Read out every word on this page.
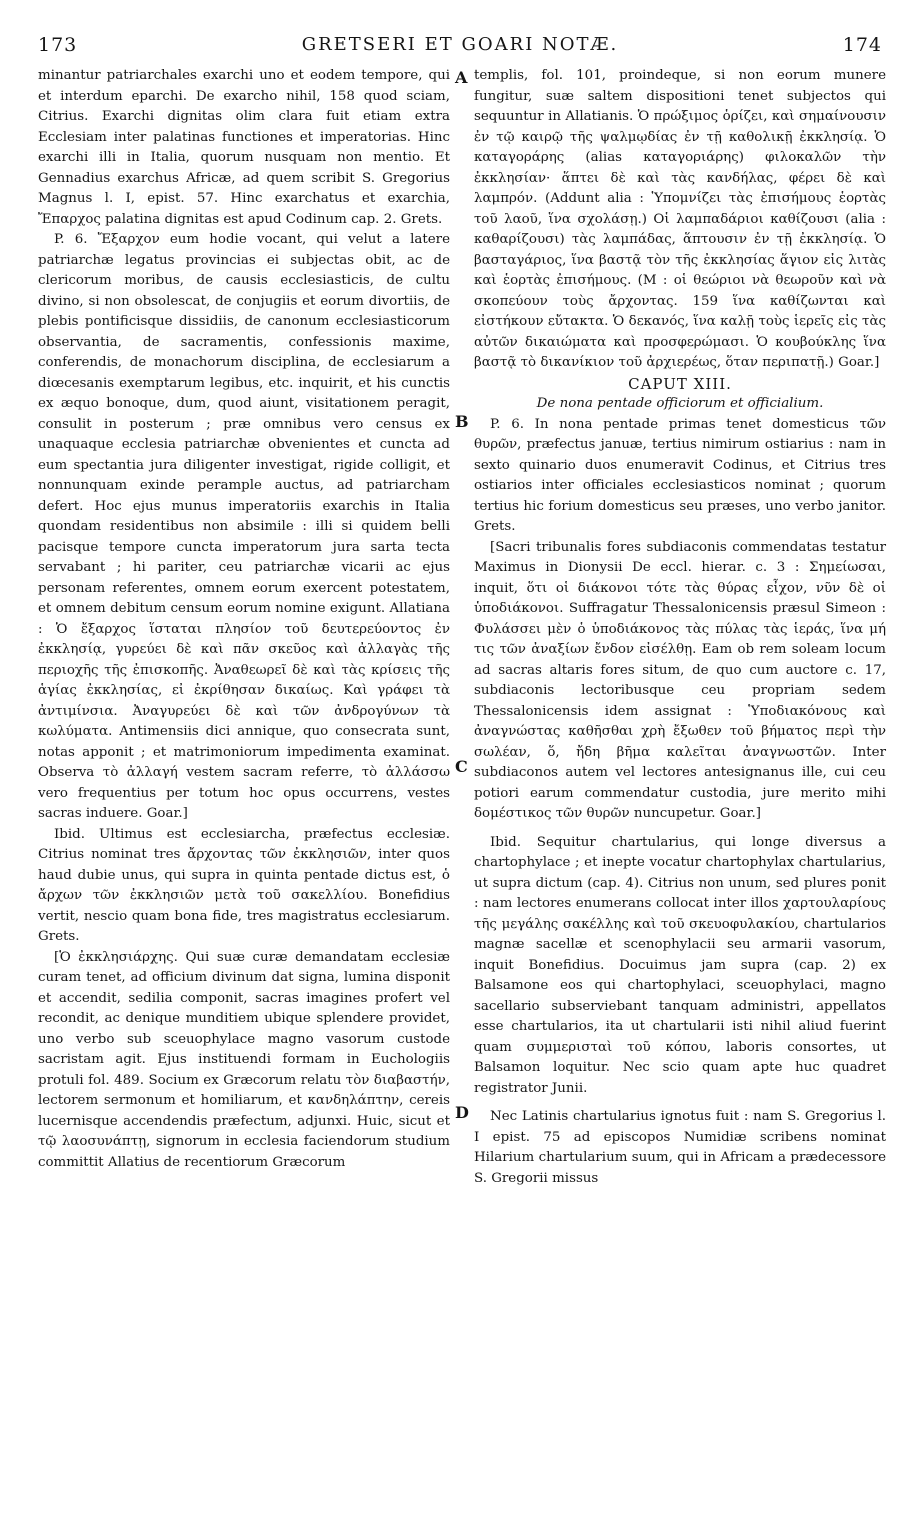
173	GRETSERI ET GOARI NOTÆ.	174
A
B
C
D

minantur patriarchales exarchi uno et eodem tempore, qui et interdum eparchi. De exarcho nihil, 158 quod sciam, Citrius. Exarchi dignitas olim clara fuit etiam extra Ecclesiam inter palatinas functiones et imperatorias. Hinc exarchi illi in Italia, quorum nusquam non mentio. Et Gennadius exarchus Africæ, ad quem scribit S. Gregorius Magnus l. I, epist. 57. Hinc exarchatus et exarchia, Ἔπαρχος palatina dignitas est apud Codinum cap. 2. Grets.

P. 6. Ἔξαρχον eum hodie vocant, qui velut a latere patriarchæ legatus provincias ei subjectas obit, ac de clericorum moribus, de causis ecclesiasticis, de cultu divino, si non obsolescat, de conjugiis et eorum divortiis, de plebis pontificisque dissidiis, de canonum ecclesiasticorum observantia, de sacramentis, confessionis maxime, conferendis, de monachorum disciplina, de ecclesiarum a diœcesanis exemptarum legibus, etc. inquirit, et his cunctis ex æquo bonoque, dum, quod aiunt, visitationem peragit, consulit in posterum ; præ omnibus vero census ex unaquaque ecclesia patriarchæ obvenientes et cuncta ad eum spectantia jura diligenter investigat, rigide colligit, et nonnunquam exinde perample auctus, ad patriarcham defert. Hoc ejus munus imperatoriis exarchis in Italia quondam residentibus non absimile : illi si quidem belli pacisque tempore cuncta imperatorum jura sarta tecta servabant ; hi pariter, ceu patriarchæ vicarii ac ejus personam referentes, omnem eorum exercent potestatem, et omnem debitum censum eorum nomine exigunt. Allatiana : Ὁ ἔξαρχος ἵσταται πλησίον τοῦ δευτερεύοντος ἐν ἐκκλησίᾳ, γυρεύει δὲ καὶ πᾶν σκεῦος καὶ ἀλλαγὰς τῆς περιοχῆς τῆς ἐπισκοπῆς. Ἀναθεωρεῖ δὲ καὶ τὰς κρίσεις τῆς ἁγίας ἐκκλησίας, εἰ ἐκρίθησαν δικαίως. Καὶ γράφει τὰ ἀντιμίνσια. Ἀναγυρεύει δὲ καὶ τῶν ἀνδρογύνων τὰ κωλύματα. Antimensiis dici annique, quo consecrata sunt, notas apponit ; et matrimoniorum impedimenta examinat. Observa τὸ ἀλλαγή vestem sacram referre, τὸ ἀλλάσσω vero frequentius per totum hoc opus occurrens, vestes sacras induere. Goar.]

Ibid. Ultimus est ecclesiarcha, præfectus ecclesiæ. Citrius nominat tres ἄρχοντας τῶν ἐκκλησιῶν, inter quos haud dubie unus, qui supra in quinta pentade dictus est, ὁ ἄρχων τῶν ἐκκλησιῶν μετὰ τοῦ σακελλίου. Bonefidius vertit, nescio quam bona fide, tres magistratus ecclesiarum. Grets.

[Ὁ ἐκκλησιάρχης. Qui suæ curæ demandatam ecclesiæ curam tenet, ad officium divinum dat signa, lumina disponit et accendit, sedilia componit, sacras imagines profert vel recondit, ac denique munditiem ubique splendere providet, uno verbo sub sceuophylace magno vasorum custode sacristam agit. Ejus instituendi formam in Euchologiis protuli fol. 489. Socium ex Græcorum relatu τὸν διαβαστήν, lectorem sermonum et homiliarum, et κανδηλάπτην, cereis lucernisque accendendis præfectum, adjunxi. Huic, sicut et τῷ λαοσυνάπτῃ, signorum in ecclesia faciendorum studium committit Allatius de recentiorum Græcorum

templis, fol. 101, proindeque, si non eorum munere fungitur, suæ saltem dispositioni tenet subjectos qui sequuntur in Allatianis. Ὁ πρώξιμος ὁρίζει, καὶ σημαίνουσιν ἐν τῷ καιρῷ τῆς ψαλμῳδίας ἐν τῇ καθολικῇ ἐκκλησίᾳ. Ὁ καταγοράρης (alias καταγοριάρης) φιλοκαλῶν τὴν ἐκκλησίαν· ἅπτει δὲ καὶ τὰς κανδήλας, φέρει δὲ καὶ λαμπρόν. (Addunt alia : Ὑπομνίζει τὰς ἐπισήμους ἑορτὰς τοῦ λαοῦ, ἵνα σχολάσῃ.) Οἱ λαμπαδάριοι καθίζουσι (alia : καθαρίζουσι) τὰς λαμπάδας, ἅπτουσιν ἐν τῇ ἐκκλησίᾳ. Ὁ βασταγάριος, ἵνα βαστᾷ τὸν τῆς ἐκκλησίας ἅγιον εἰς λιτὰς καὶ ἑορτὰς ἐπισήμους. (M : οἱ θεώριοι νὰ θεωροῦν καὶ νὰ σκοπεύουν τοὺς ἄρχοντας. 159 ἵνα καθίζωνται καὶ εἰστήκουν εὔτακτα. Ὁ δεκανός, ἵνα καλῇ τοὺς ἱερεῖς εἰς τὰς αὐτῶν δικαιώματα καὶ προσφερώμασι. Ὁ κουβούκλης ἵνα βαστᾷ τὸ δικανίκιον τοῦ ἀρχιερέως, ὅταν περιπατῇ.) Goar.]

CAPUT XIII.

De nona pentade officiorum et officialium.

P. 6. In nona pentade primas tenet domesticus τῶν θυρῶν, præfectus januæ, tertius nimirum ostiarius : nam in sexto quinario duos enumeravit Codinus, et Citrius tres ostiarios inter officiales ecclesiasticos nominat ; quorum tertius hic forium domesticus seu præses, uno verbo janitor. Grets.

[Sacri tribunalis fores subdiaconis commendatas testatur Maximus in Dionysii De eccl. hierar. c. 3 : Σημείωσαι, inquit, ὅτι οἱ διάκονοι τότε τὰς θύρας εἶχον, νῦν δὲ οἱ ὑποδιάκονοι. Suffragatur Thessalonicensis præsul Simeon : Φυλάσσει μὲν ὁ ὑποδιάκονος τὰς πύλας τὰς ἱεράς, ἵνα μή τις τῶν ἀναξίων ἔνδον εἰσέλθῃ. Eam ob rem soleam locum ad sacras altaris fores situm, de quo cum auctore c. 17, subdiaconis lectoribusque ceu propriam sedem Thessalonicensis idem assignat : Ὑποδιακόνους καὶ ἀναγνώστας καθῆσθαι χρὴ ἔξωθεν τοῦ βήματος περὶ τὴν σωλέαν, ὅ, ἤδη βῆμα καλεῖται ἀναγνωστῶν. Inter subdiaconos autem vel lectores antesignanus ille, cui ceu potiori earum commendatur custodia, jure merito mihi δομέστικος τῶν θυρῶν nuncupetur. Goar.]

Ibid. Sequitur chartularius, qui longe diversus a chartophylace ; et inepte vocatur chartophylax chartularius, ut supra dictum (cap. 4). Citrius non unum, sed plures ponit : nam lectores enumerans collocat inter illos χαρτουλαρίους τῆς μεγάλης σακέλλης καὶ τοῦ σκευοφυλακίου, chartularios magnæ sacellæ et scenophylacii seu armarii vasorum, inquit Bonefidius. Docuimus jam supra (cap. 2) ex Balsamone eos qui chartophylaci, sceuophylaci, magno sacellario subserviebant tanquam administri, appellatos esse chartularios, ita ut chartularii isti nihil aliud fuerint quam συμμερισταὶ τοῦ κόπου, laboris consortes, ut Balsamon loquitur. Nec scio quam apte huc quadret registrator Junii.

Nec Latinis chartularius ignotus fuit : nam S. Gregorius l. I epist. 75 ad episcopos Numidiæ scribens nominat Hilarium chartularium suum, qui in Africam a prædecessore S. Gregorii missus
